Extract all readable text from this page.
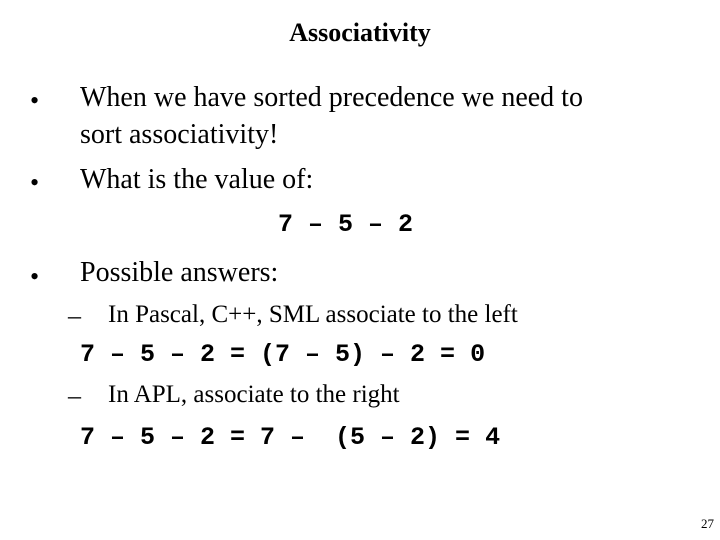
Associativity
• When we have sorted precedence we need to
sort associativity!
• What is the value of:
7 – 5 – 2
• Possible answers:
– In Pascal, C++, SML associate to the left
7 – 5 – 2 = (7 – 5) – 2 = 0
– In APL, associate to the right
7 – 5 – 2 = 7 –  (5 – 2) = 4
27
